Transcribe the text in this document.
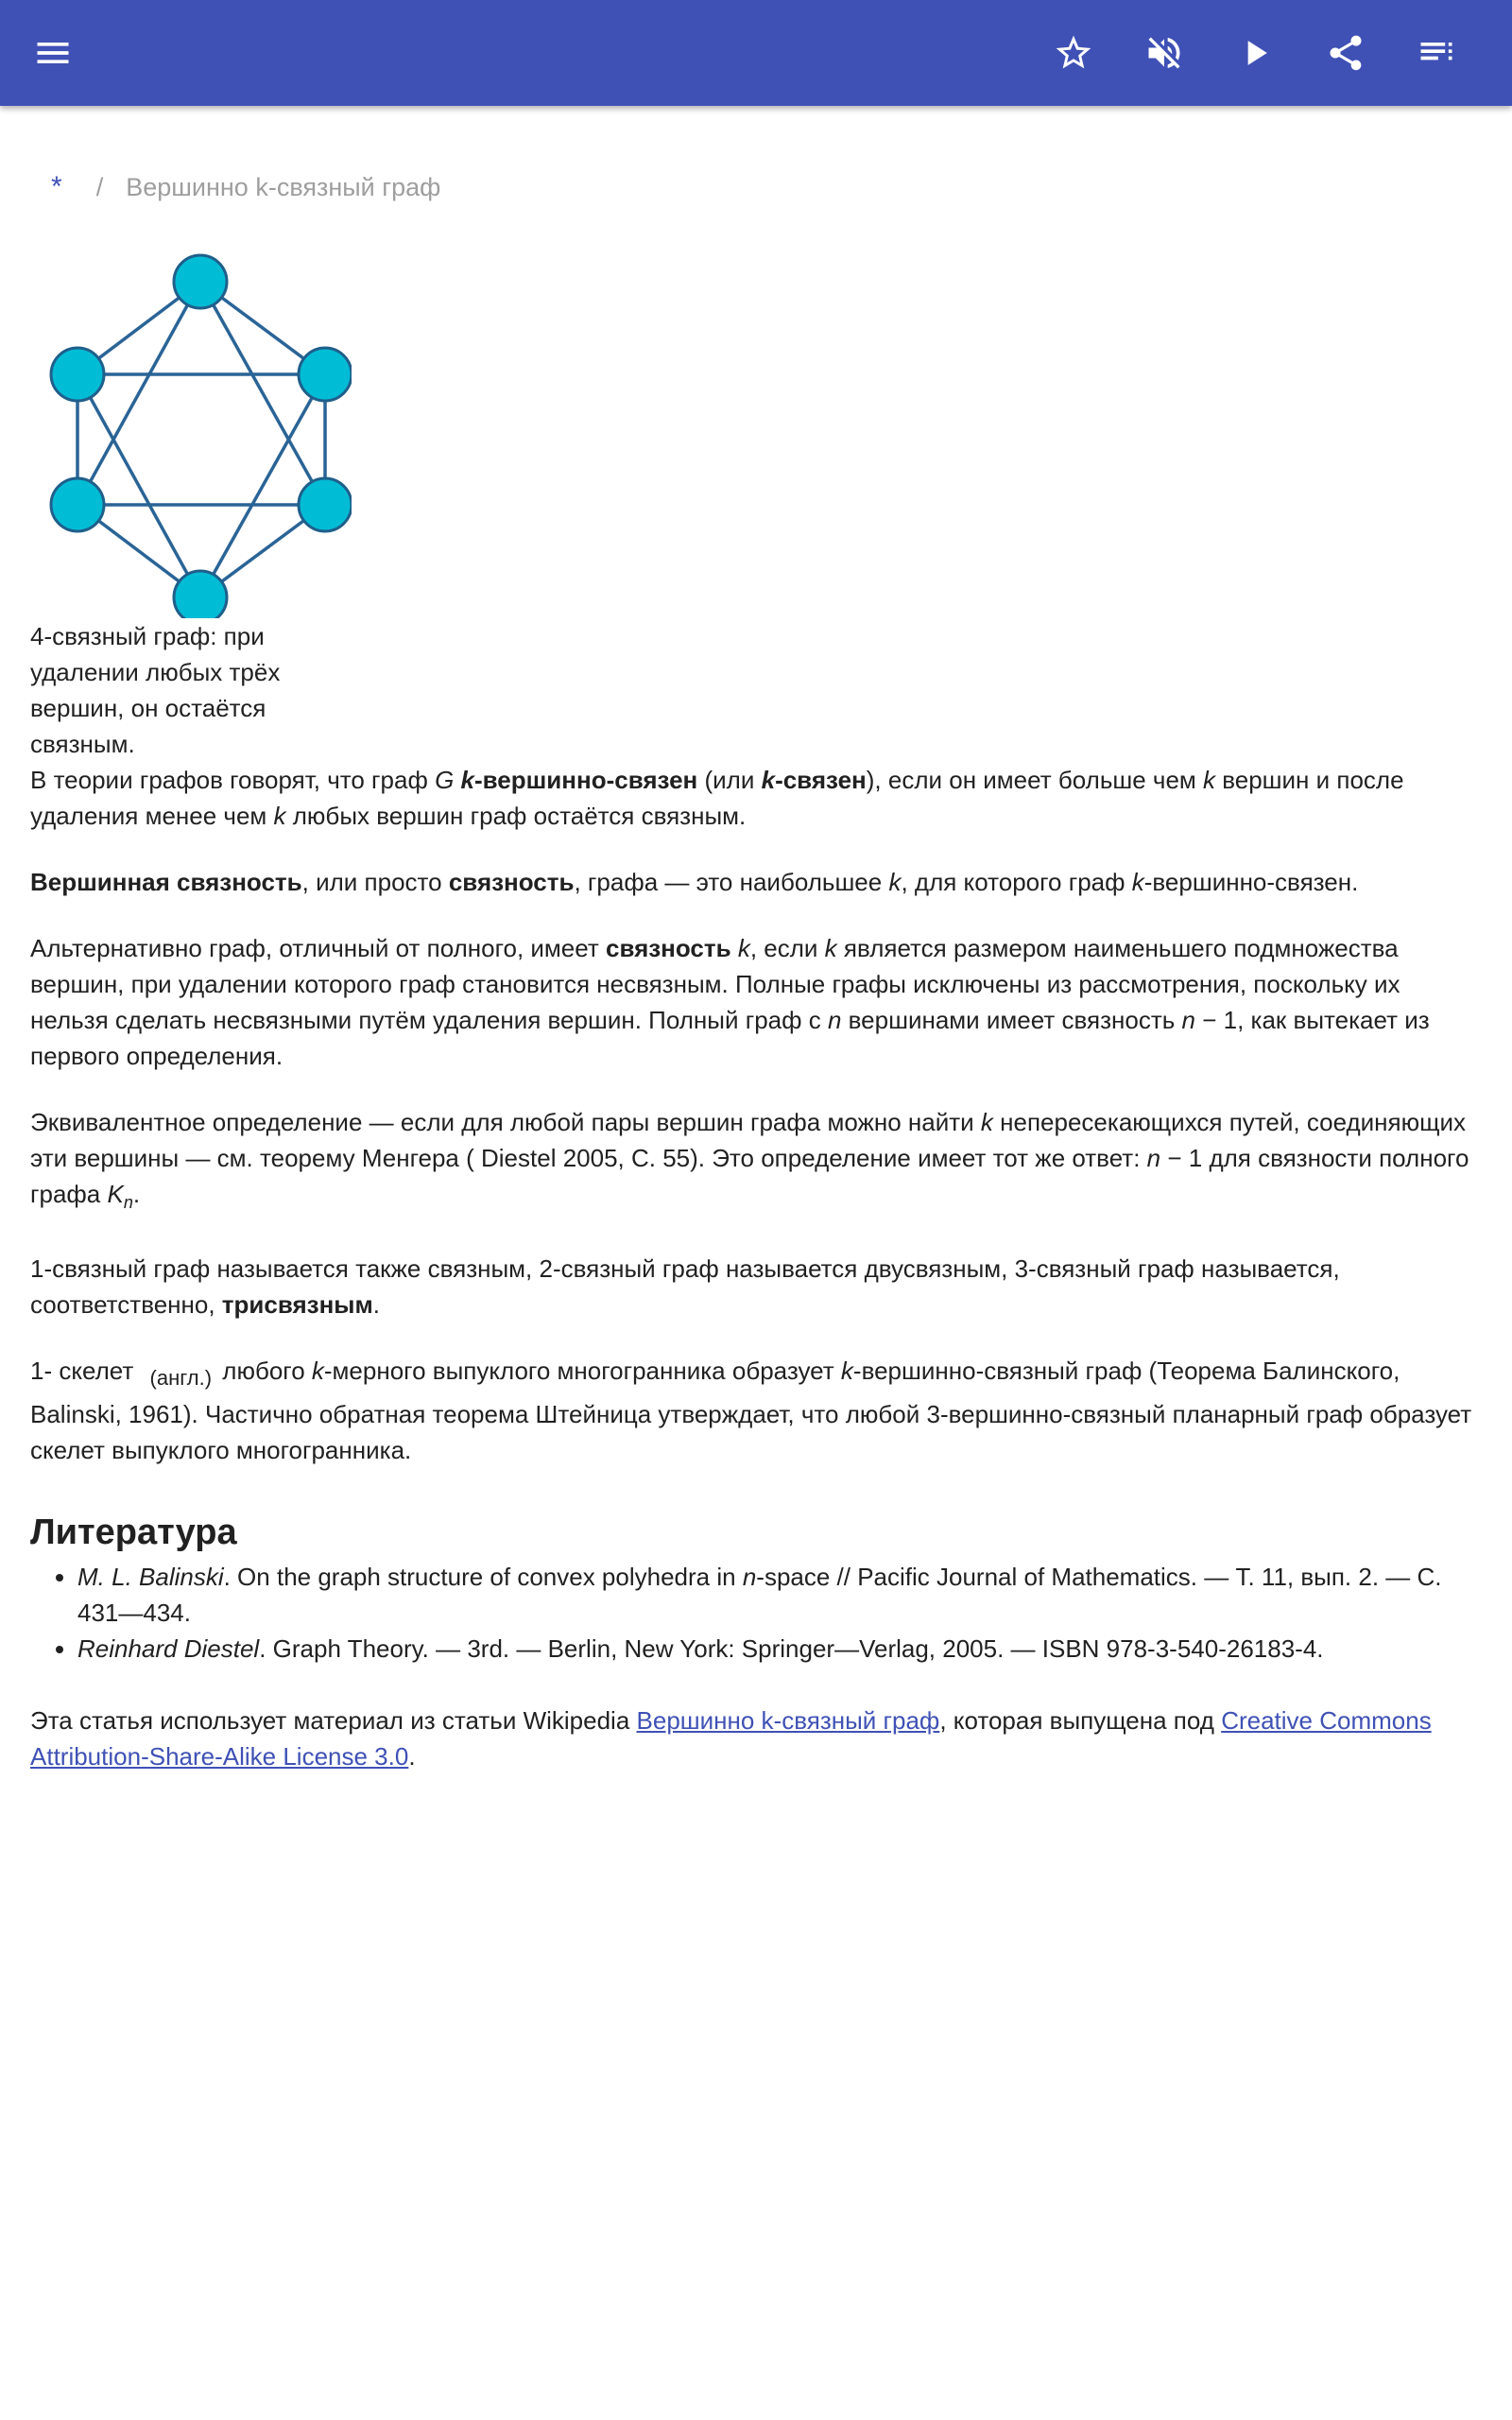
* / Вершинно k-связный граф
4-связный граф: при удалении любых трёх вершин, он остаётся связным.

В теории графов говорят, что граф G k-вершинно-связен (или k-связен), если он имеет больше чем k вершин и после удаления менее чем k любых вершин граф остаётся связным.

Вершинная связность, или просто связность, графа — это наибольшее k, для которого граф k-вершинно-связен.

Альтернативно граф, отличный от полного, имеет связность k, если k является размером наименьшего подмножества вершин, при удалении которого граф становится несвязным. Полные графы исключены из рассмотрения, поскольку их нельзя сделать несвязными путём удаления вершин. Полный граф с n вершинами имеет связность n − 1, как вытекает из первого определения.

Эквивалентное определение — если для любой пары вершин графа можно найти k непересекающихся путей, соединяющих эти вершины — см. теорему Менгера ( Diestel 2005, C. 55). Это определение имеет тот же ответ: n − 1 для связности полного графа $K_n$.

1-связный граф называется также связным, 2-связный граф называется двусвязным, 3-связный граф называется, соответственно, трисвязным.

1- скелет $_{(англ.)}$ любого k-мерного выпуклого многогранника образует k-вершинно-связный граф (Теорема Балинского, Balinski, 1961). Частично обратная теорема Штейница утверждает, что любой 3-вершинно-связный планарный граф образует скелет выпуклого многогранника.

Литература
• M. L. Balinski. On the graph structure of convex polyhedra in n-space // Pacific Journal of Mathematics. — Т. 11, вып. 2. — С. 431—434.
• Reinhard Diestel. Graph Theory. — 3rd. — Berlin, New York: Springer—Verlag, 2005. — ISBN 978-3-540-26183-4.

Эта статья использует материал из статьи Wikipedia Вершинно k-связный граф, которая выпущена под Creative Commons Attribution-Share-Alike License 3.0.
